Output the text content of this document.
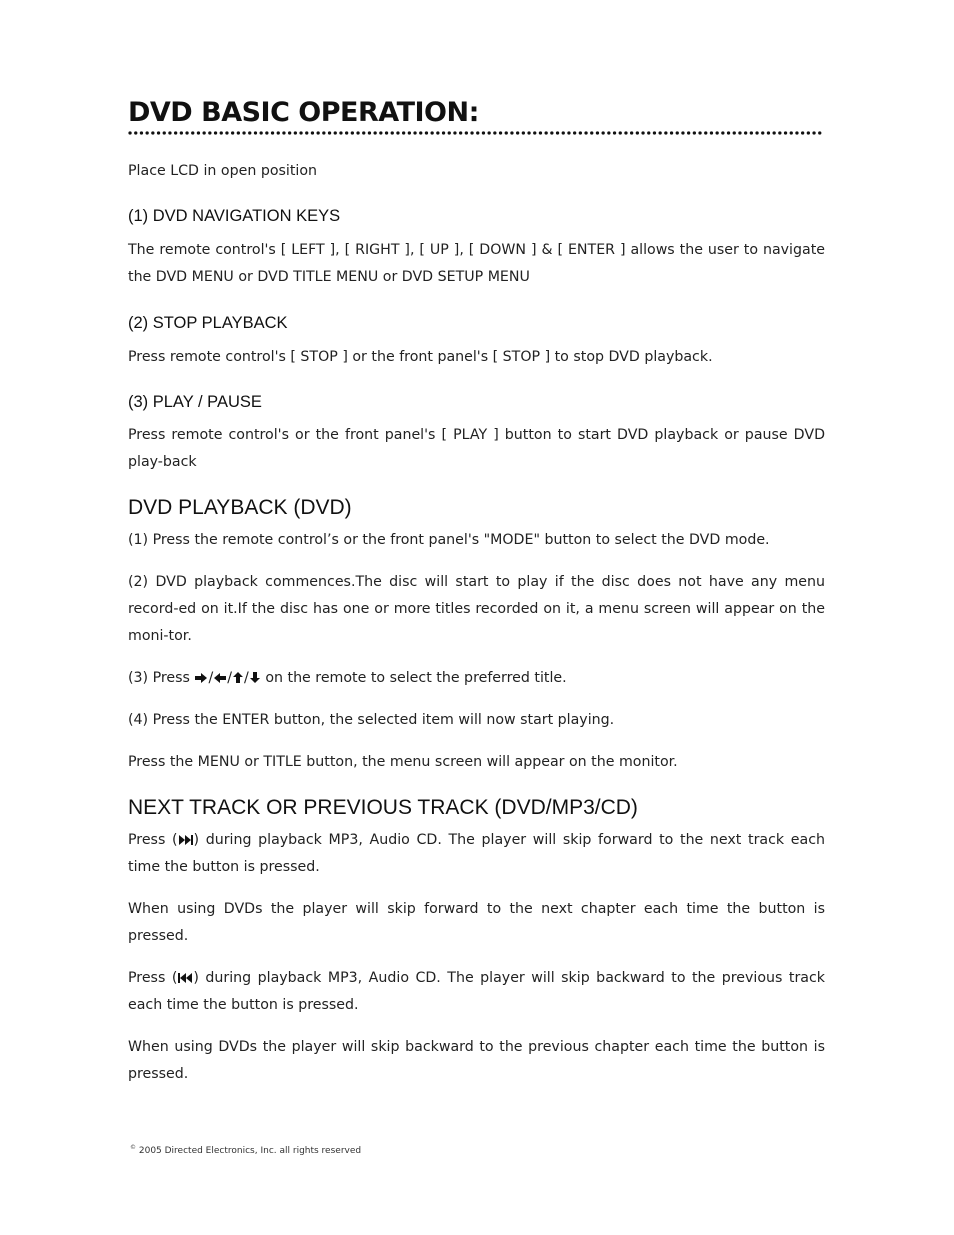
DVD BASIC OPERATION:

Place LCD in open position

(1) DVD NAVIGATION KEYS

The remote control's [ LEFT ], [ RIGHT ], [ UP ], [ DOWN ] & [ ENTER ] allows the user to navigate the DVD MENU or DVD TITLE MENU or DVD SETUP MENU

(2) STOP PLAYBACK

Press remote control's [ STOP ] or the front panel's [ STOP ] to stop DVD playback.

(3) PLAY / PAUSE

Press remote control's or the front panel's [ PLAY ] button to start DVD playback or pause DVD play-back

DVD PLAYBACK (DVD)

(1) Press the remote control’s or the front panel's "MODE" button to select the DVD mode.

(2) DVD playback commences.The disc will start to play if the disc does not have any menu record-ed on it.If the disc has one or more titles recorded on it, a menu screen will appear on the moni-tor.

(3) Press / / / on the remote to select the preferred title.

(4) Press the ENTER button, the selected item will now start playing.

Press the MENU or TITLE button, the menu screen will appear on the monitor.

NEXT TRACK OR PREVIOUS TRACK (DVD/MP3/CD)

Press ( ) during playback MP3, Audio CD. The player will skip forward to the next track each time the button is pressed.

When using DVDs the player will skip forward to the next chapter each time the button is pressed.

Press ( ) during playback MP3, Audio CD. The player will skip backward to the previous track each time the button is pressed.

When using DVDs the player will skip backward to the previous chapter each time the button is pressed.

© 2005 Directed Electronics, Inc. all rights reserved
